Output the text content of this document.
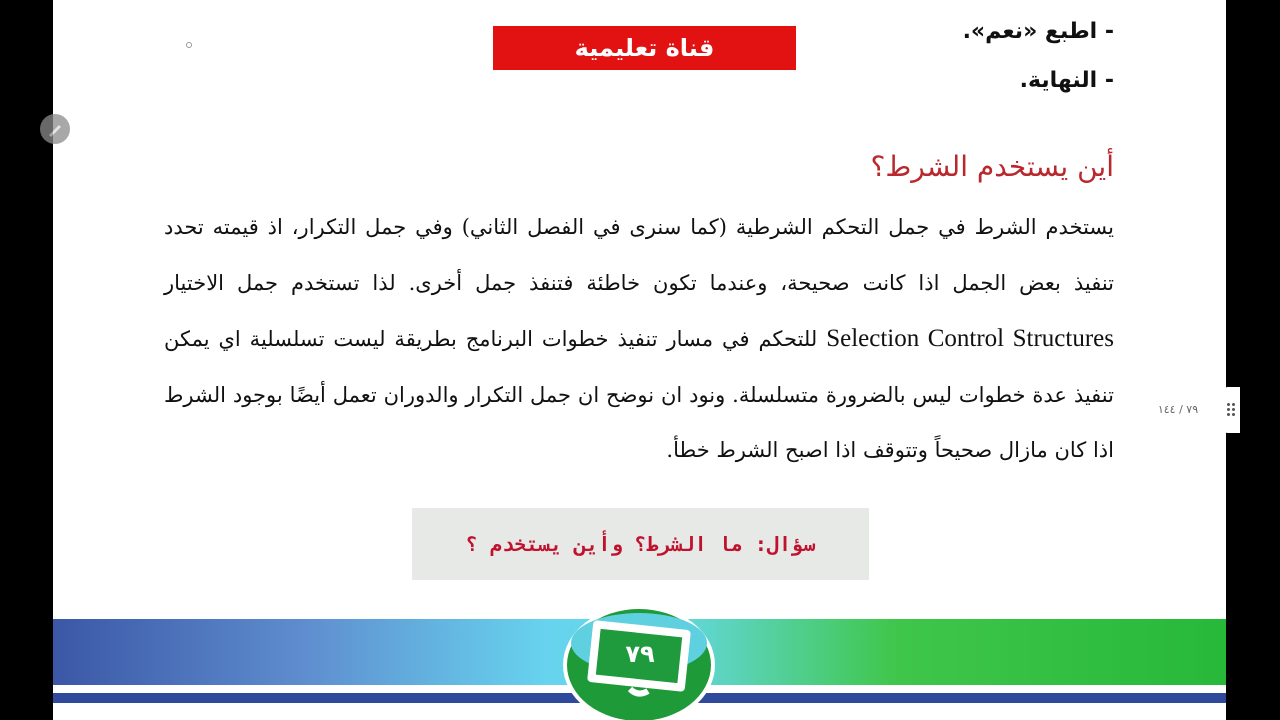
قناة تعليمية
- اطبع «نعم».
- النهاية.
أين يستخدم الشرط؟
يستخدم الشرط في جمل التحكم الشرطية (كما سنرى في الفصل الثاني) وفي جمل التكرار، اذ قيمته تحدد تنفيذ بعض الجمل اذا كانت صحيحة، وعندما تكون خاطئة فتنفذ جمل أخرى. لذا تستخدم جمل الاختيار Selection Control Structures للتحكم في مسار تنفيذ خطوات البرنامج بطريقة ليست تسلسلية اي يمكن تنفيذ عدة خطوات ليس بالضرورة متسلسلة. ونود ان نوضح ان جمل التكرار والدوران تعمل أيضًا بوجود الشرط اذا كان مازال صحيحاً وتتوقف اذا اصبح الشرط خطأ.
سؤال: ما الشرط؟ وأين يستخدم ؟
٧٩
٧٩ / ١٤٤
